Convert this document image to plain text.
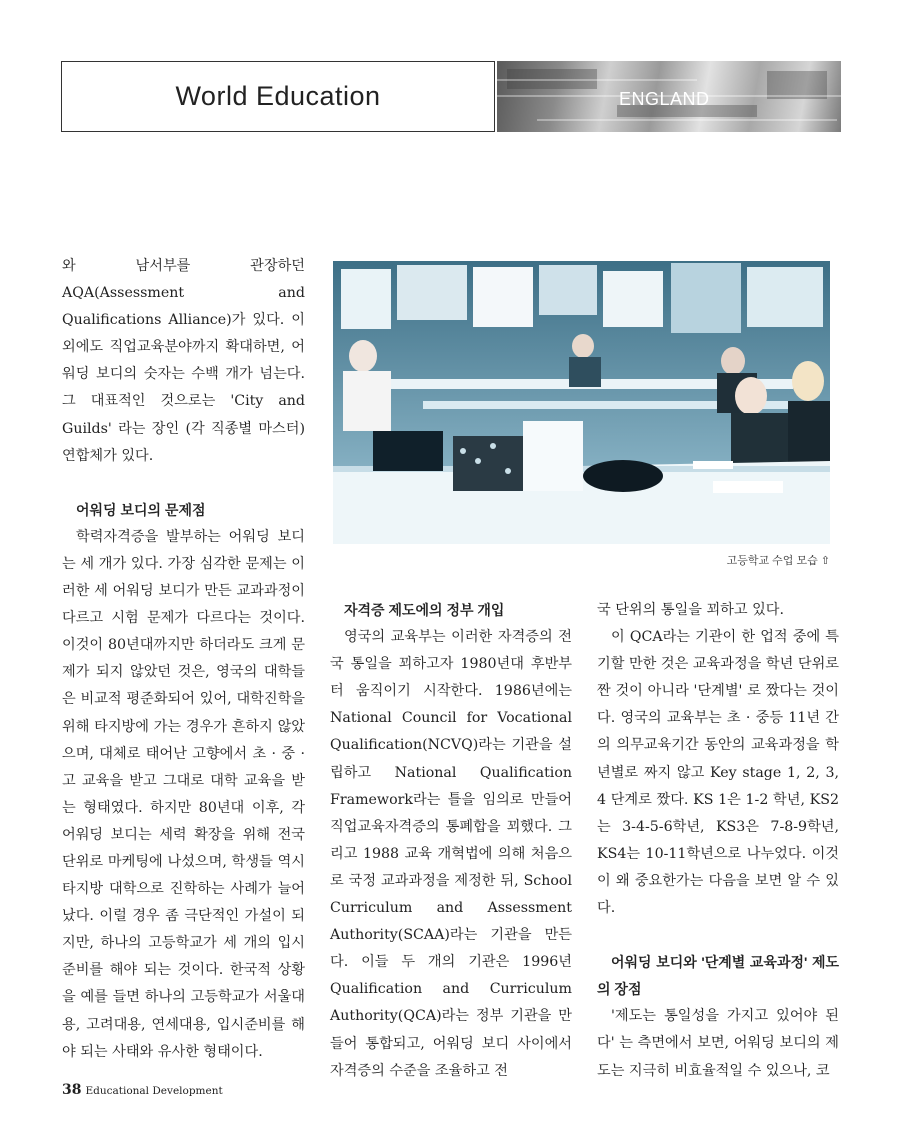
World Education	ENGLAND

와 남서부를 관장하던 AQA(Assessment and Qualifications Alliance)가 있다. 이 외에도 직업교육분야까지 확대하면, 어워딩 보디의 숫자는 수백 개가 넘는다. 그 대표적인 것으로는 'City and Guilds' 라는 장인 (각 직종별 마스터) 연합체가 있다.

어워딩 보디의 문제점

학력자격증을 발부하는 어워딩 보디는 세 개가 있다. 가장 심각한 문제는 이러한 세 어워딩 보디가 만든 교과과정이 다르고 시험 문제가 다르다는 것이다. 이것이 80년대까지만 하더라도 크게 문제가 되지 않았던 것은, 영국의 대학들은 비교적 평준화되어 있어, 대학진학을 위해 타지방에 가는 경우가 흔하지 않았으며, 대체로 태어난 고향에서 초 · 중 · 고 교육을 받고 그대로 대학 교육을 받는 형태였다. 하지만 80년대 이후, 각 어워딩 보디는 세력 확장을 위해 전국 단위로 마케팅에 나섰으며, 학생들 역시 타지방 대학으로 진학하는 사례가 늘어났다. 이럴 경우 좀 극단적인 가설이 되지만, 하나의 고등학교가 세 개의 입시 준비를 해야 되는 것이다. 한국적 상황을 예를 들면 하나의 고등학교가 서울대용, 고려대용, 연세대용, 입시준비를 해야 되는 사태와 유사한 형태이다.

고등학교 수업 모습 ⇧

자격증 제도에의 정부 개입

영국의 교육부는 이러한 자격증의 전국 통일을 꾀하고자 1980년대 후반부터 움직이기 시작한다. 1986년에는 National Council for Vocational Qualification(NCVQ)라는 기관을 설립하고 National Qualification Framework라는 틀을 임의로 만들어 직업교육자격증의 통폐합을 꾀했다. 그리고 1988 교육 개혁법에 의해 처음으로 국정 교과과정을 제정한 뒤, School Curriculum and Assessment Authority(SCAA)라는 기관을 만든다. 이들 두 개의 기관은 1996년 Qualification and Curriculum Authority(QCA)라는 정부 기관을 만들어 통합되고, 어워딩 보디 사이에서 자격증의 수준을 조율하고 전

국 단위의 통일을 꾀하고 있다.

이 QCA라는 기관이 한 업적 중에 특기할 만한 것은 교육과정을 학년 단위로 짠 것이 아니라 '단계별' 로 짰다는 것이다. 영국의 교육부는 초 · 중등 11년 간의 의무교육기간 동안의 교육과정을 학년별로 짜지 않고 Key stage 1, 2, 3, 4 단계로 짰다. KS 1은 1-2 학년, KS2는 3-4-5-6학년, KS3은 7-8-9학년, KS4는 10-11학년으로 나누었다. 이것이 왜 중요한가는 다음을 보면 알 수 있다.

어워딩 보디와 '단계별 교육과정' 제도의 장점

'제도는 통일성을 가지고 있어야 된다' 는 측면에서 보면, 어워딩 보디의 제도는 지극히 비효율적일 수 있으나, 코

38 Educational Development
